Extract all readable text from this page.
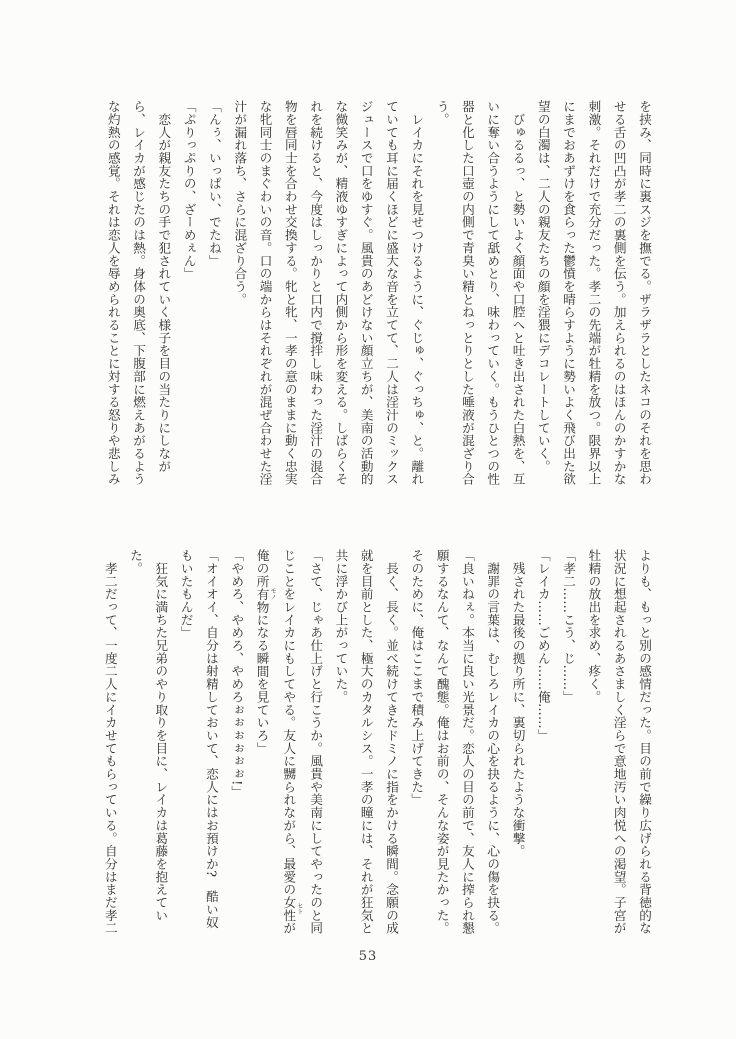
を挟み、同時に裏スジを撫でる。ザラザラとしたネコのそれを思わ
せる舌の凹凸が孝二の裏側を伝う。加えられるのはほんのかすかな
刺激。それだけで充分だった。孝二の先端が牡精を放つ。限界以上
にまでおあずけを食らった鬱憤を晴らすように勢いよく飛び出た欲
望の白濁は、二人の親友たちの顔を淫猥にデコレートしていく。
　びゅるるっ、と勢いよく顔面や口腔へと吐き出された白熱を、互
いに奪い合うようにして舐めとり、味わっていく。もうひとつの性
器と化した口壺の内側で青臭い精とねっとりとした唾液が混ざり合
う。
　レイカにそれを見せつけるように、ぐじゅ、ぐっちゅ、と。離れ
ていても耳に届くほどに盛大な音を立てて、二人は淫汁のミックス
ジュースで口をゆすぐ。風貴のあどけない顔立ちが、美南の活動的
な微笑みが、精液ゆすぎによって内側から形を変える。しばらくそ
れを続けると、今度はしっかりと口内で撹拌し味わった淫汁の混合
物を唇同士を合わせ交換する。牝と牝、一孝の意のままに動く忠実
な牝同士のまぐわいの音。口の端からはそれぞれが混ぜ合わせた淫
汁が漏れ落ち、さらに混ざり合う。
「んぅ、いっぱい、でたね」
「ぷりっぷりの、ざーめぇん」
　恋人が親友たちの手で犯されていく様子を目の当たりにしなが
ら、レイカが感じたのは熱。身体の奥底、下腹部に燃えあがるよう
な灼熱の感覚。それは恋人を辱められることに対する怒りや悲しみ
よりも、もっと別の感情だった。目の前で繰り広げられる背徳的な
状況に想起されるあさましく淫らで意地汚い肉悦への渇望。子宮が
牡精の放出を求め、疼く。
「孝二……こう、じ……」
「レイカ……ごめん……俺……」
　残された最後の拠り所に、裏切られたような衝撃。
　謝罪の言葉は、むしろレイカの心を抉るように、心の傷を抉る。
「良いねぇ。本当に良い光景だ。恋人の目の前で、友人に搾られ懇
願するなんて、なんて醜態。俺はお前の、そんな姿が見たかった。
そのために、俺はここまで積み上げてきた」
　長く、長く。並べ続けてきたドミノに指をかける瞬間。念願の成
就を目前とした、極大のカタルシス。一孝の瞳には、それが狂気と
共に浮かび上がっていた。
「さて、じゃあ仕上げと行こうか。風貴や美南にしてやったのと同
じことをレイカにもしてやる。友人に嬲られながら、最愛の女性 ヒトが
俺の所有物 モノになる瞬間を見ていろ」
「やめろ、やめろ、やめろぉぉぉぉぉぉ!」
「オイオイ、自分は射精しておいて、恋人にはお預けか?　酷い奴
もいたもんだ」
　狂気に満ちた兄弟のやり取りを目に、レイカは葛藤を抱えてい
た。
　孝二だって、一度二人にイカせてもらっている。自分はまだ孝二
53
